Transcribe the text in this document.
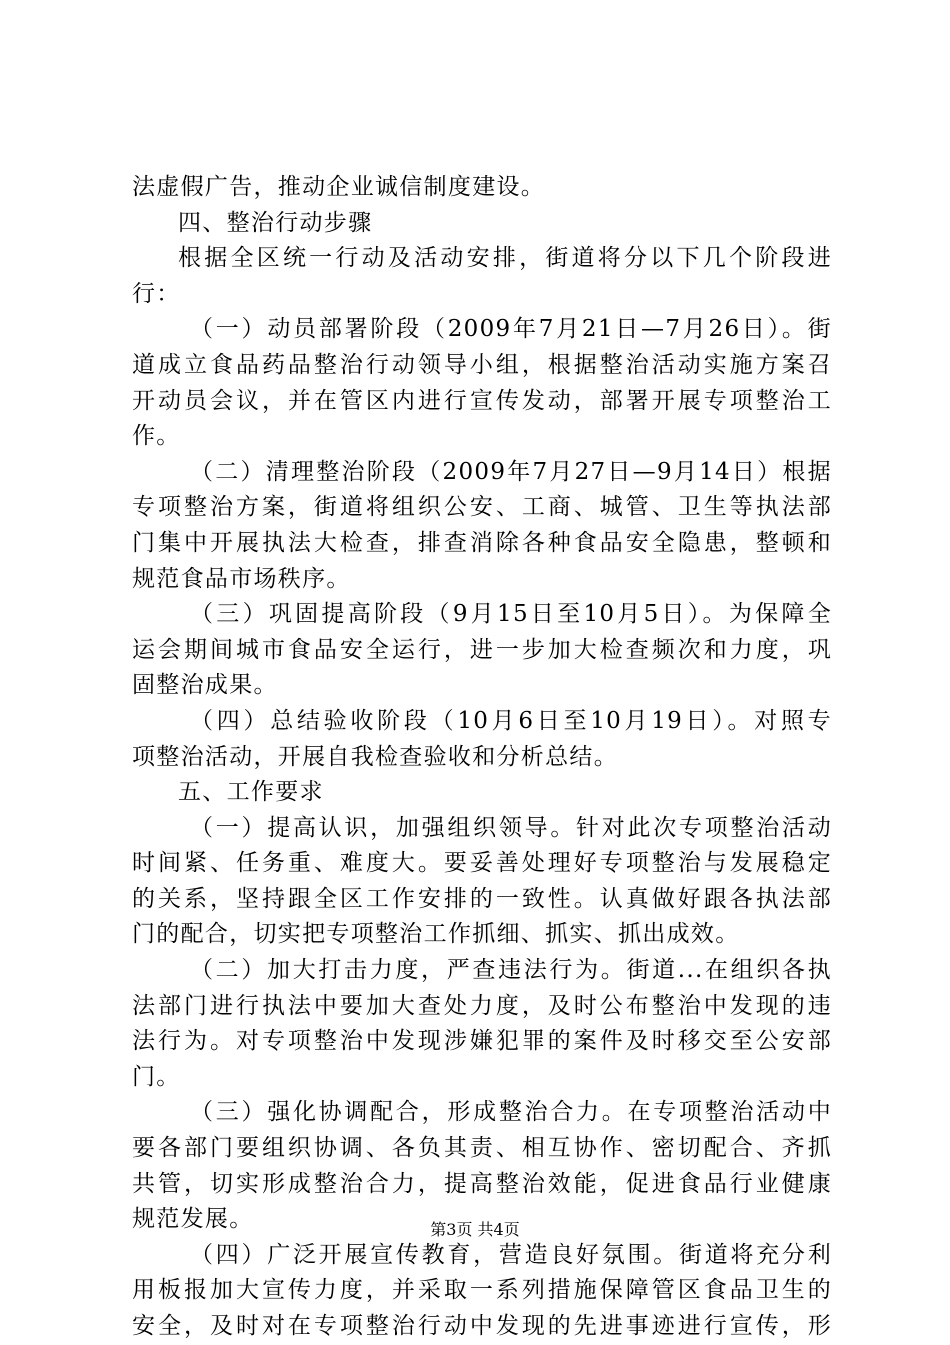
法虚假广告，推动企业诚信制度建设。
四、整治行动步骤
根据全区统一行动及活动安排，街道将分以下几个阶段进
行：
（一）动员部署阶段（2009年7月21日—7月26日）。街
道成立食品药品整治行动领导小组，根据整治活动实施方案召
开动员会议，并在管区内进行宣传发动，部署开展专项整治工
作。
（二）清理整治阶段（2009年7月27日—9月14日）根据
专项整治方案，街道将组织公安、工商、城管、卫生等执法部
门集中开展执法大检查，排查消除各种食品安全隐患，整顿和
规范食品市场秩序。
（三）巩固提高阶段（9月15日至10月5日）。为保障全
运会期间城市食品安全运行，进一步加大检查频次和力度，巩
固整治成果。
（四）总结验收阶段（10月6日至10月19日）。对照专
项整治活动，开展自我检查验收和分析总结。
五、工作要求
（一）提高认识，加强组织领导。针对此次专项整治活动
时间紧、任务重、难度大。要妥善处理好专项整治与发展稳定
的关系，坚持跟全区工作安排的一致性。认真做好跟各执法部
门的配合，切实把专项整治工作抓细、抓实、抓出成效。
（二）加大打击力度，严查违法行为。街道...在组织各执
法部门进行执法中要加大查处力度，及时公布整治中发现的违
法行为。对专项整治中发现涉嫌犯罪的案件及时移交至公安部
门。
（三）强化协调配合，形成整治合力。在专项整治活动中
要各部门要组织协调、各负其责、相互协作、密切配合、齐抓
共管，切实形成整治合力，提高整治效能，促进食品行业健康
规范发展。
（四）广泛开展宣传教育，营造良好氛围。街道将充分利
用板报加大宣传力度，并采取一系列措施保障管区食品卫生的
安全，及时对在专项整治行动中发现的先进事迹进行宣传，形
第3页 共4页
